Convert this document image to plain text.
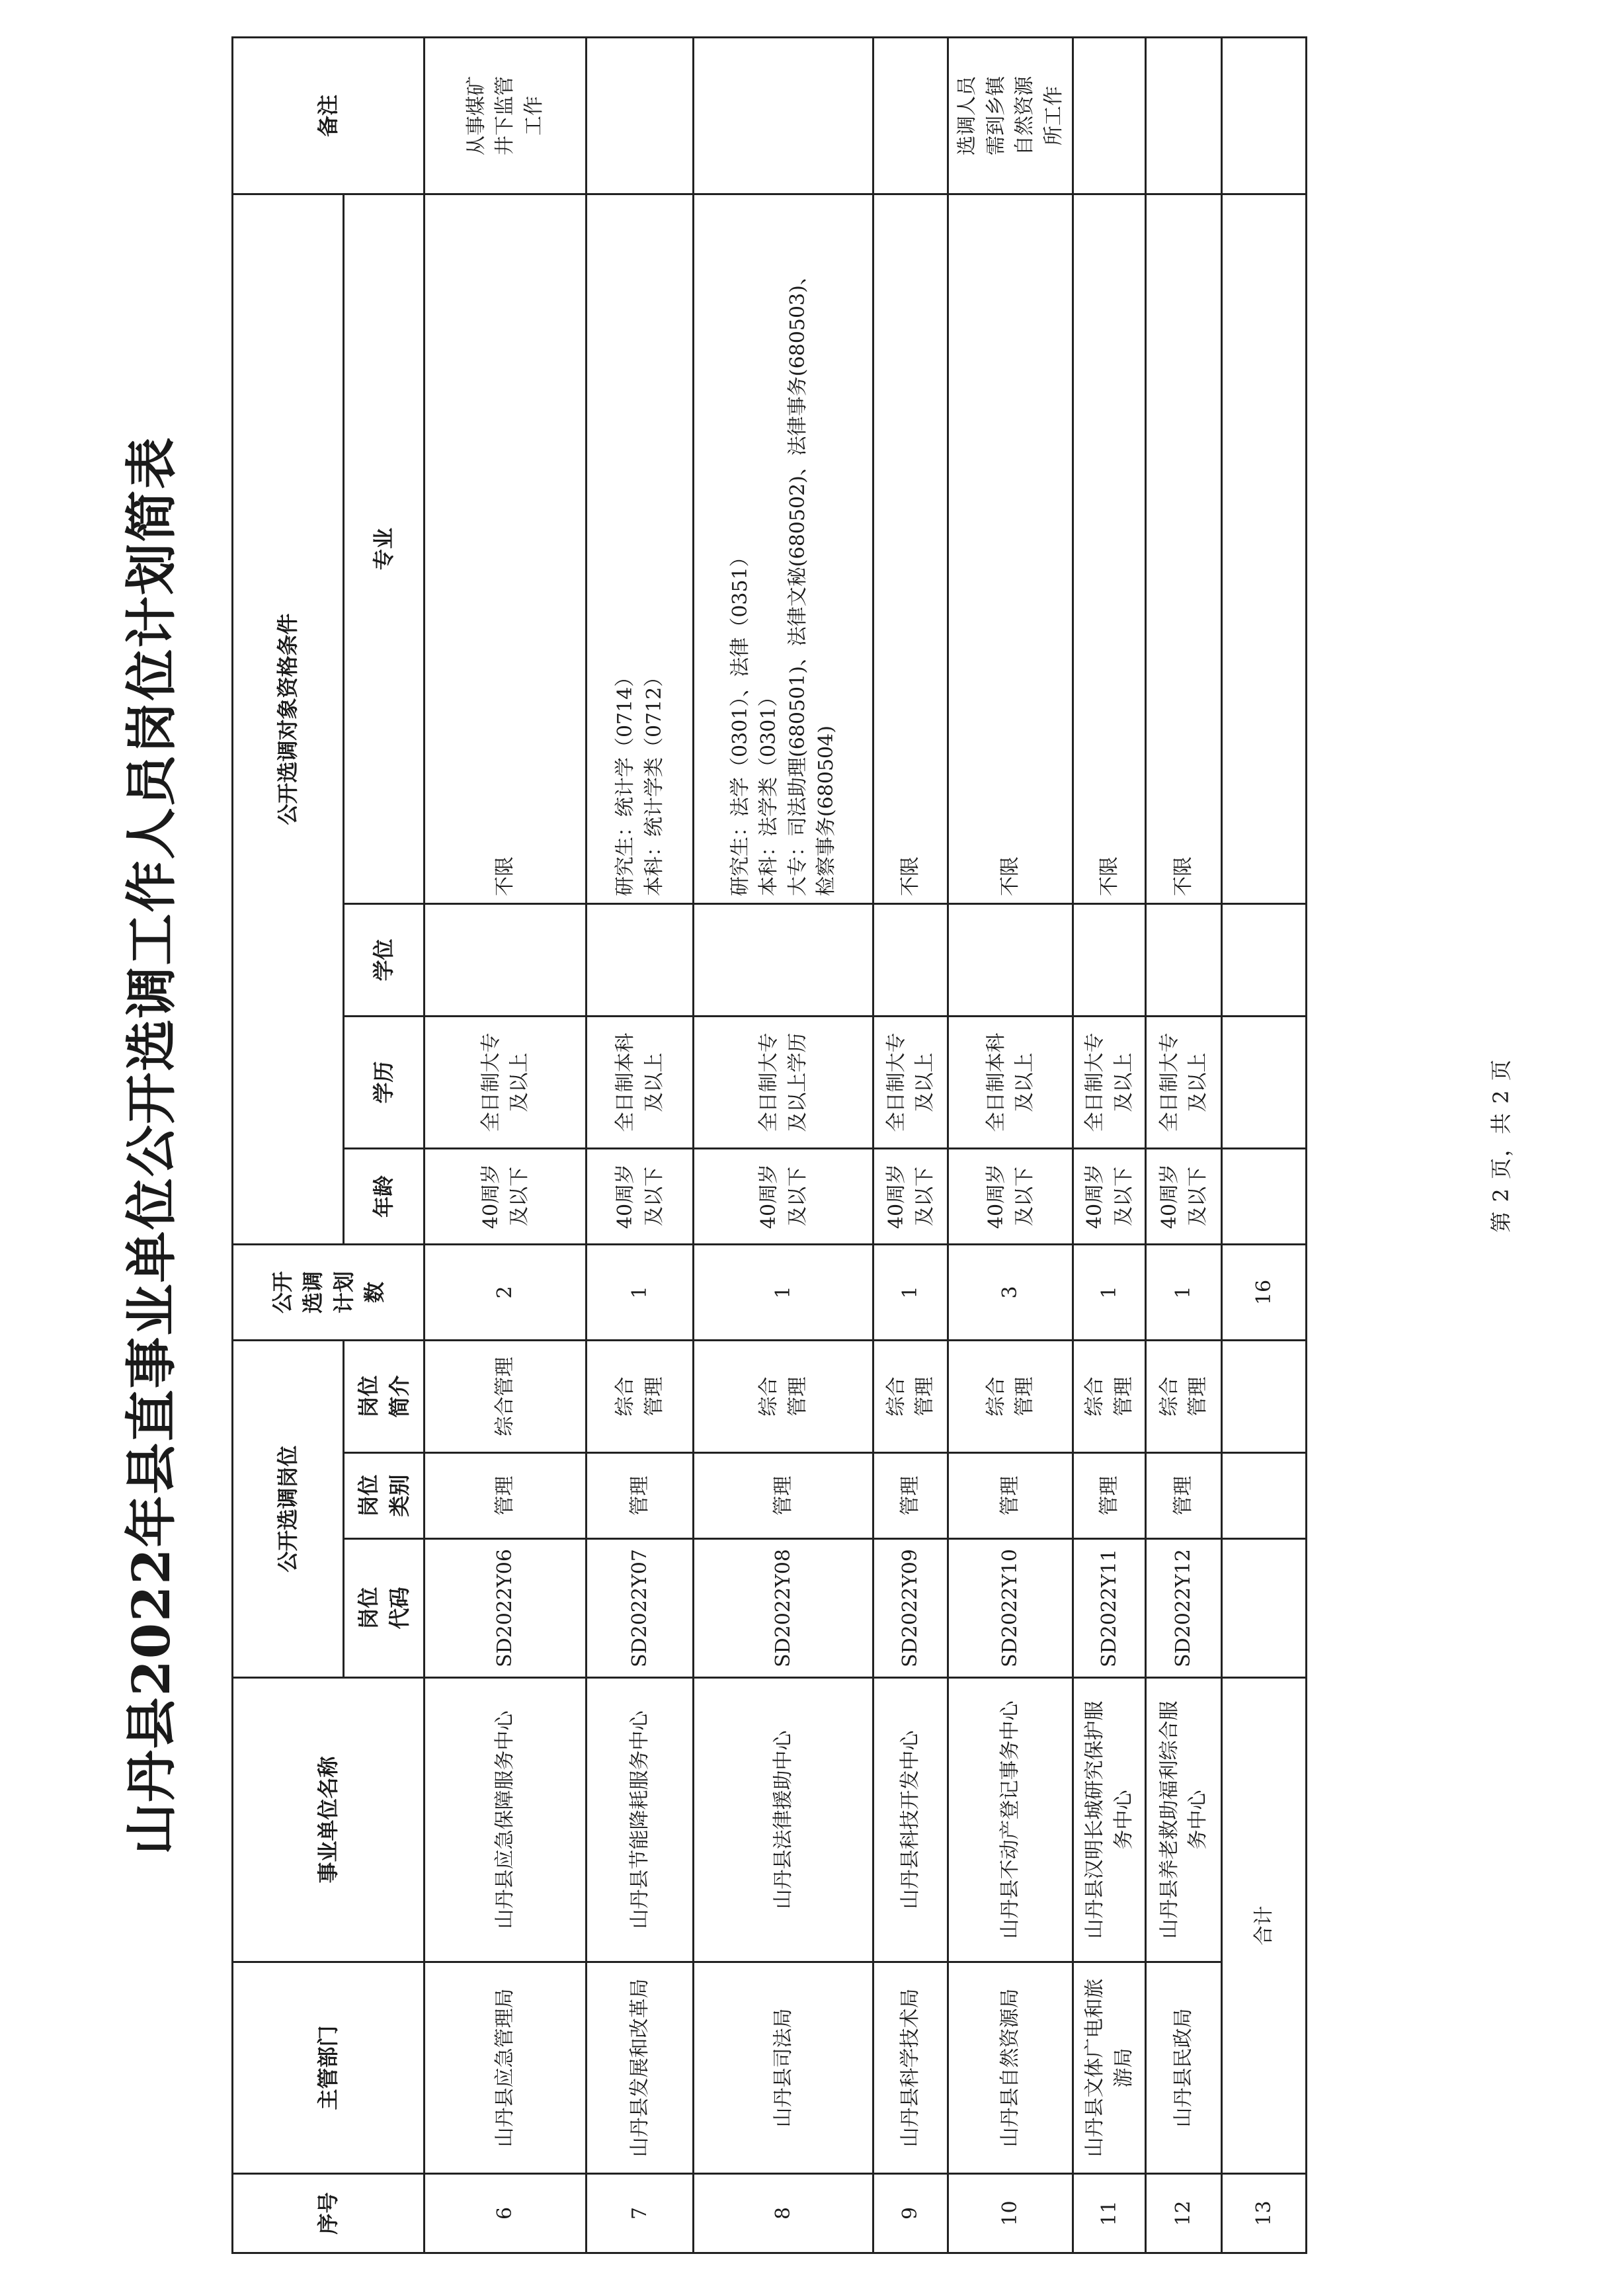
山丹县2022年县直事业单位公开选调工作人员岗位计划简表
序号	主管部门	事业单位名称	公开选调岗位			公开
选调
计划
数	公开选调对象资格条件				备注
			岗位
代码	岗位
类别	岗位
简介		年龄	学历	学位	专业	
6	山丹县应急管理局	山丹县应急保障服务中心	SD2022Y06	管理	综合管理	2	40周岁
及以下	全日制大专
及以上		不限	从事煤矿
井下监管
工作
7	山丹县发展和改革局	山丹县节能降耗服务中心	SD2022Y07	管理	综合
管理	1	40周岁
及以下	全日制本科
及以上		研究生：统计学（0714）
本科：统计学类（0712）	
8	山丹县司法局	山丹县法律援助中心	SD2022Y08	管理	综合
管理	1	40周岁
及以下	全日制大专
及以上学历		研究生：法学（0301）、法律（0351）
本科：法学类（0301）
大专：司法助理(680501)、法律文秘(680502)、法律事务(680503)、
检察事务(680504)	
9	山丹县科学技术局	山丹县科技开发中心	SD2022Y09	管理	综合
管理	1	40周岁
及以下	全日制大专
及以上		不限	
10	山丹县自然资源局	山丹县不动产登记事务中心	SD2022Y10	管理	综合
管理	3	40周岁
及以下	全日制本科
及以上		不限	选调人员
需到乡镇
自然资源
所工作
11	山丹县文体广电和旅
游局	山丹县汉明长城研究保护服
务中心	SD2022Y11	管理	综合
管理	1	40周岁
及以下	全日制大专
及以上		不限	
12	山丹县民政局	山丹县养老救助福利综合服
务中心	SD2022Y12	管理	综合
管理	1	40周岁
及以下	全日制大专
及以上		不限	
13	合计					16					
第 2 页，共 2 页
